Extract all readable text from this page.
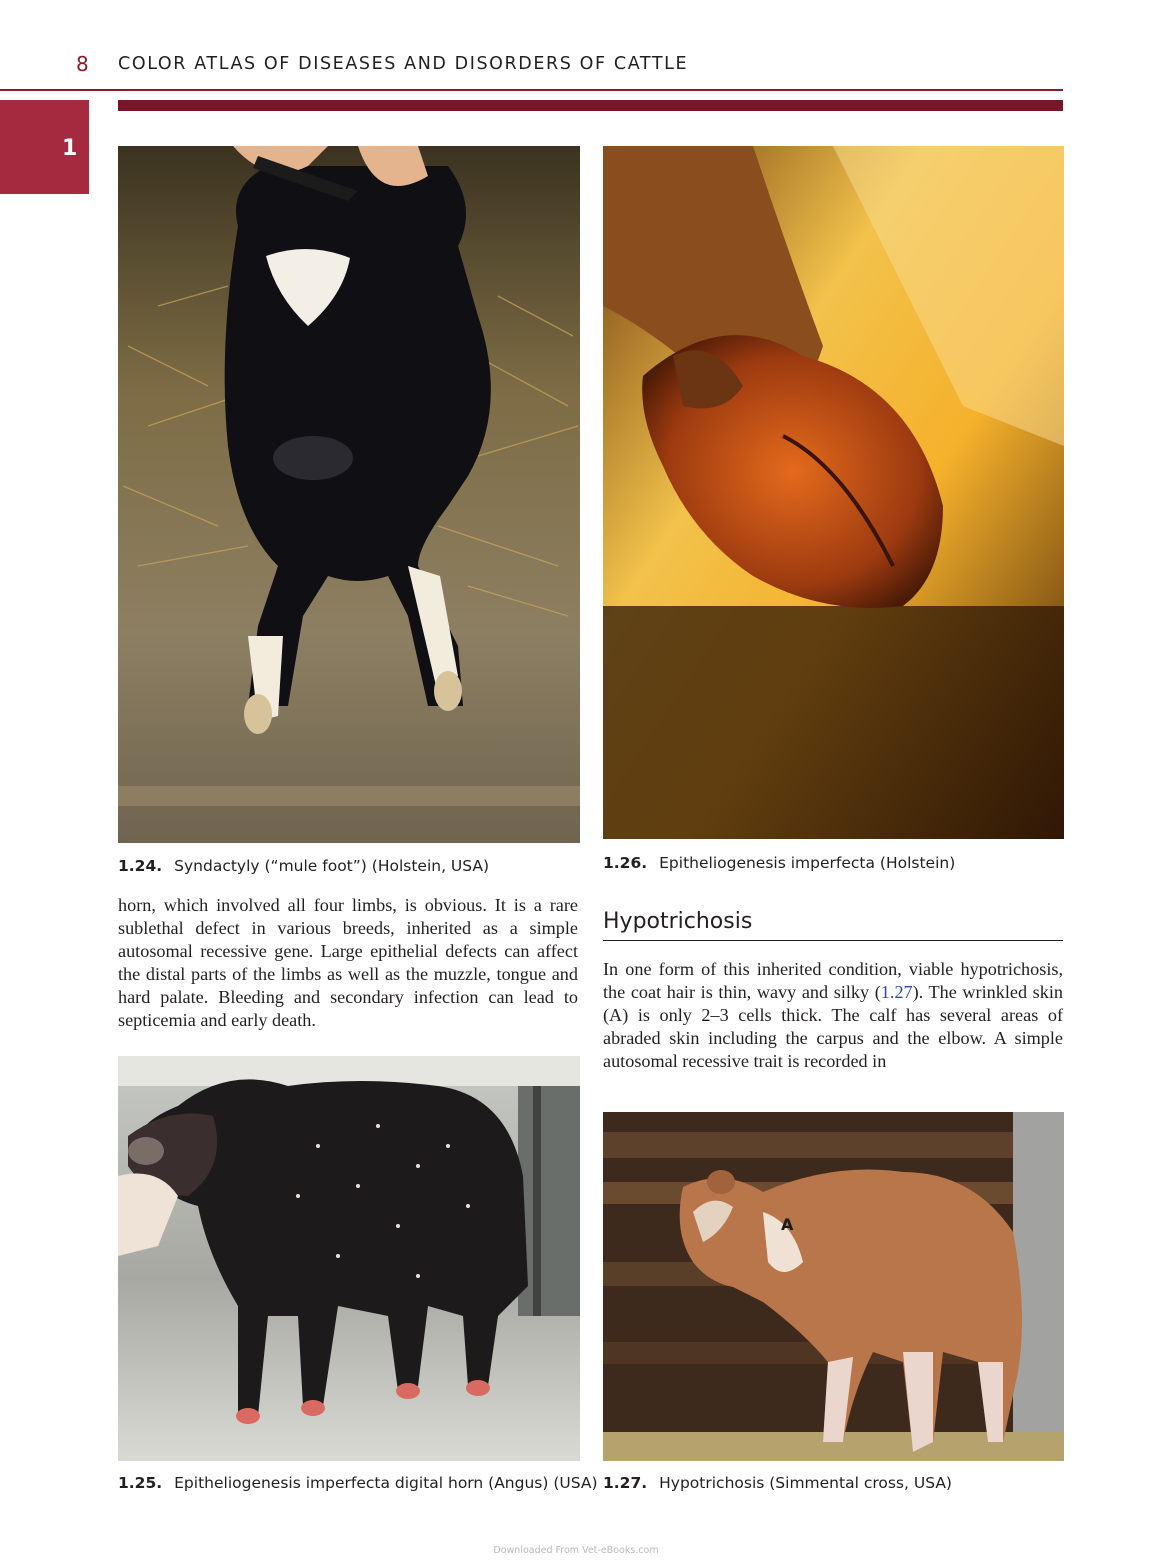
8 COLOR ATLAS OF DISEASES AND DISORDERS OF CATTLE
1
1.24. Syndactyly (“mule foot”) (Holstein, USA)

horn, which involved all four limbs, is obvious. It is a rare sublethal defect in various breeds, inherited as a simple autosomal recessive gene. Large epithelial defects can affect the distal parts of the limbs as well as the muzzle, tongue and hard palate. Bleeding and secondary infection can lead to septicemia and early death.

1.25. Epitheliogenesis imperfecta digital horn (Angus) (USA)
1.26. Epitheliogenesis imperfecta (Holstein)
Hypotrichosis

In one form of this inherited condition, viable hypotrichosis, the coat hair is thin, wavy and silky (1.27). The wrinkled skin (A) is only 2–3 cells thick. The calf has several areas of abraded skin including the carpus and the elbow. A simple autosomal recessive trait is recorded in

A
1.27. Hypotrichosis (Simmental cross, USA)
Downloaded From Vet-eBooks.com
